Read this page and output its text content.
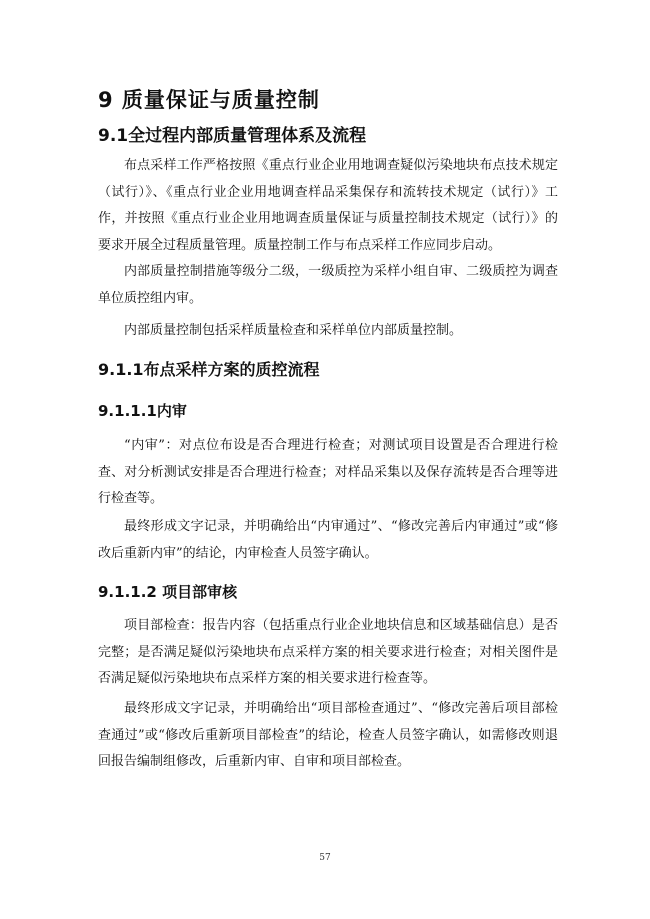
9 质量保证与质量控制
9.1全过程内部质量管理体系及流程
布点采样工作严格按照《重点行业企业用地调查疑似污染地块布点技术规定（试行）》、《重点行业企业用地调查样品采集保存和流转技术规定（试行）》工作，并按照《重点行业企业用地调查质量保证与质量控制技术规定（试行）》的要求开展全过程质量管理。质量控制工作与布点采样工作应同步启动。
内部质量控制措施等级分二级，一级质控为采样小组自审、二级质控为调查单位质控组内审。
内部质量控制包括采样质量检查和采样单位内部质量控制。
9.1.1布点采样方案的质控流程
9.1.1.1内审
“内审”：对点位布设是否合理进行检查；对测试项目设置是否合理进行检查、对分析测试安排是否合理进行检查；对样品采集以及保存流转是否合理等进行检查等。
最终形成文字记录，并明确给出“内审通过”、“修改完善后内审通过”或“修改后重新内审”的结论，内审检查人员签字确认。
9.1.1.2 项目部审核
项目部检查：报告内容（包括重点行业企业地块信息和区域基础信息）是否完整；是否满足疑似污染地块布点采样方案的相关要求进行检查；对相关图件是否满足疑似污染地块布点采样方案的相关要求进行检查等。
最终形成文字记录，并明确给出“项目部检查通过”、“修改完善后项目部检查通过”或“修改后重新项目部检查”的结论，检查人员签字确认，如需修改则退回报告编制组修改，后重新内审、自审和项目部检查。
57
